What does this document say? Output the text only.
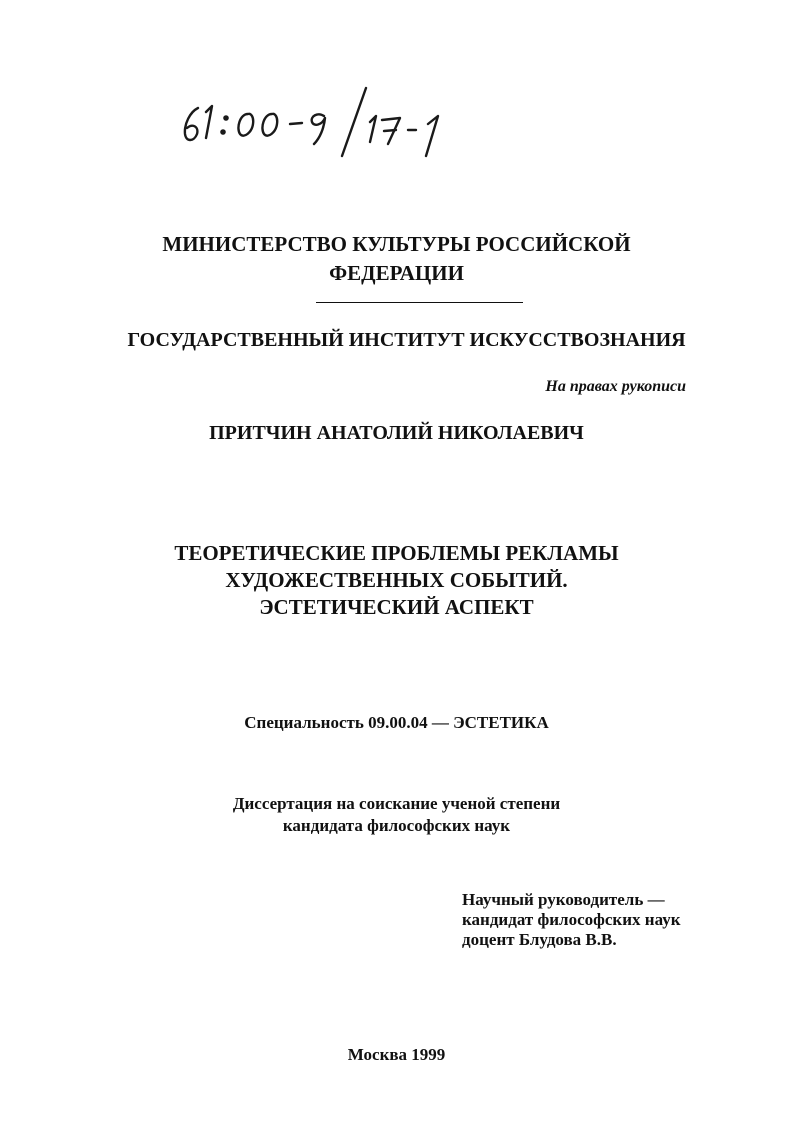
МИНИСТЕРСТВО КУЛЬТУРЫ РОССИЙСКОЙ
ФЕДЕРАЦИИ
ГОСУДАРСТВЕННЫЙ ИНСТИТУТ ИСКУССТВОЗНАНИЯ
На правах рукописи
ПРИТЧИН АНАТОЛИЙ НИКОЛАЕВИЧ
ТЕОРЕТИЧЕСКИЕ ПРОБЛЕМЫ РЕКЛАМЫ
ХУДОЖЕСТВЕННЫХ СОБЫТИЙ.
ЭСТЕТИЧЕСКИЙ АСПЕКТ
Специальность 09.00.04 — ЭСТЕТИКА
Диссертация на соискание ученой степени
кандидата философских наук
Научный руководитель —
кандидат философских наук
доцент Блудова В.В.
Москва 1999
